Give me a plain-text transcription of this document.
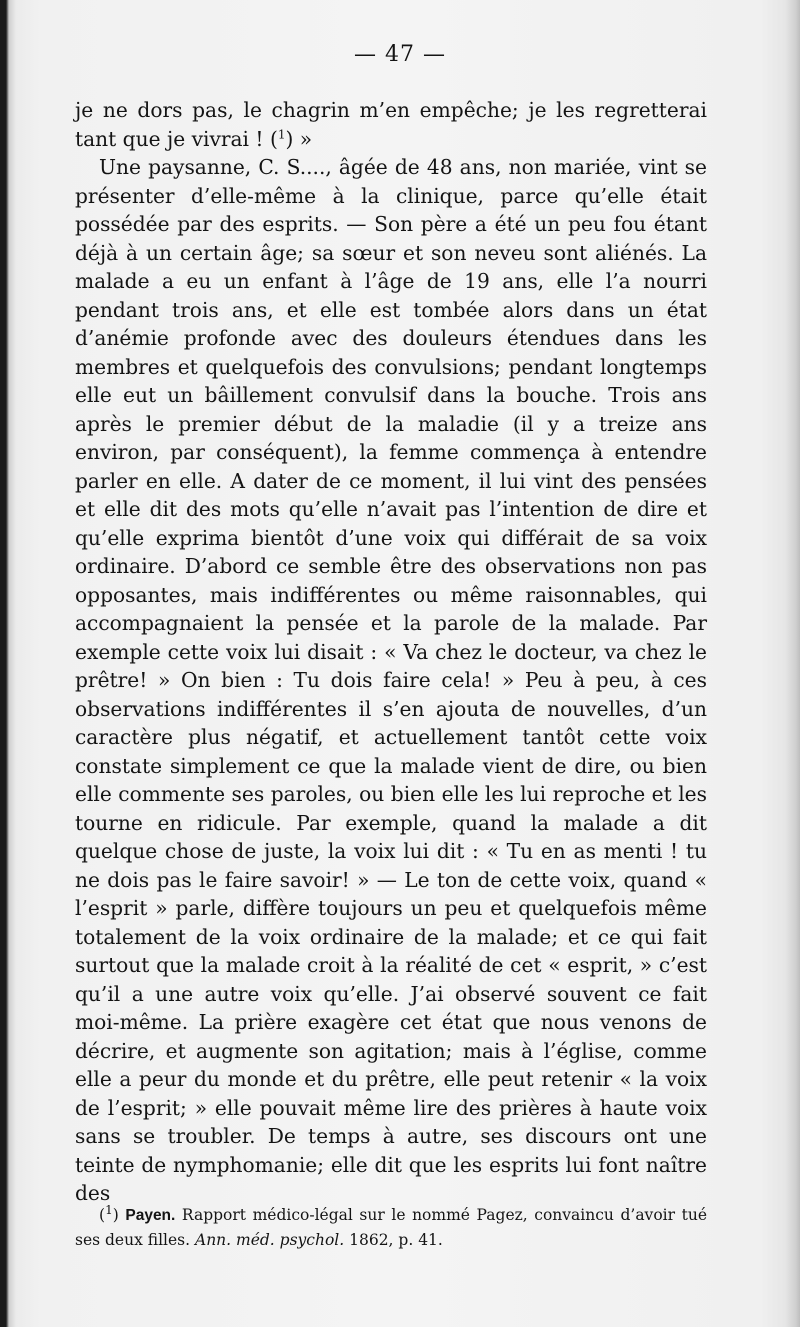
— 47 —

je ne dors pas, le chagrin m’en empêche; je les regretterai tant que je vivrai ! ($^1$) »

Une paysanne, C. S...., âgée de 48 ans, non mariée, vint se présenter d’elle-même à la clinique, parce qu’elle était possédée par des esprits. — Son père a été un peu fou étant déjà à un certain âge; sa sœur et son neveu sont aliénés. La malade a eu un enfant à l’âge de 19 ans, elle l’a nourri pendant trois ans, et elle est tombée alors dans un état d’anémie profonde avec des douleurs étendues dans les membres et quelquefois des convulsions; pendant longtemps elle eut un bâillement convulsif dans la bouche. Trois ans après le premier début de la maladie (il y a treize ans environ, par conséquent), la femme commença à entendre parler en elle. A dater de ce moment, il lui vint des pensées et elle dit des mots qu’elle n’avait pas l’intention de dire et qu’elle exprima bientôt d’une voix qui différait de sa voix ordinaire. D’abord ce semble être des observations non pas opposantes, mais indifférentes ou même raisonnables, qui accompagnaient la pensée et la parole de la malade. Par exemple cette voix lui disait : « Va chez le docteur, va chez le prêtre! » On bien : Tu dois faire cela! » Peu à peu, à ces observations indifférentes il s’en ajouta de nouvelles, d’un caractère plus négatif, et actuellement tantôt cette voix constate simplement ce que la malade vient de dire, ou bien elle commente ses paroles, ou bien elle les lui reproche et les tourne en ridicule. Par exemple, quand la malade a dit quelque chose de juste, la voix lui dit : « Tu en as menti ! tu ne dois pas le faire savoir! » — Le ton de cette voix, quand « l’esprit » parle, diffère toujours un peu et quelquefois même totalement de la voix ordinaire de la malade; et ce qui fait surtout que la malade croit à la réalité de cet « esprit, » c’est qu’il a une autre voix qu’elle. J’ai observé souvent ce fait moi-même. La prière exagère cet état que nous venons de décrire, et augmente son agitation; mais à l’église, comme elle a peur du monde et du prêtre, elle peut retenir « la voix de l’esprit; » elle pouvait même lire des prières à haute voix sans se troubler. De temps à autre, ses discours ont une teinte de nymphomanie; elle dit que les esprits lui font naître des

($^1$) Payen. Rapport médico-légal sur le nommé Pagez, convaincu d’avoir tué ses deux filles. Ann. méd. psychol. 1862, p. 41.
